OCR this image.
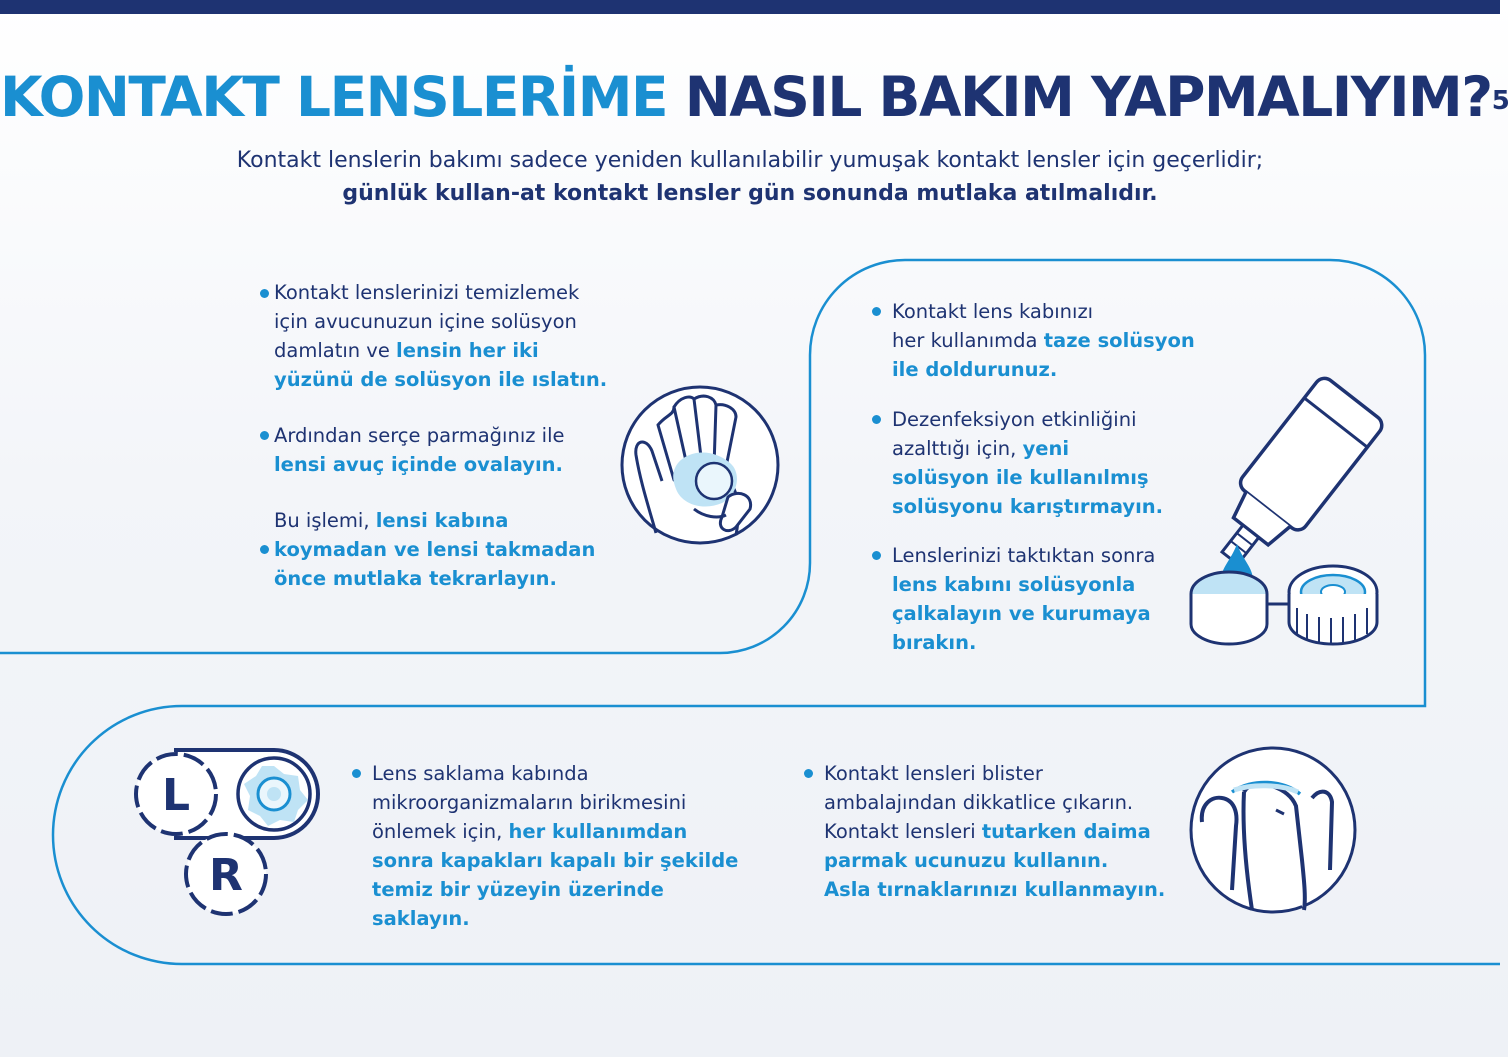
KONTAKT LENSLERİME NASIL BAKIM YAPMALIYIM?$^5$
Kontakt lenslerin bakımı sadece yeniden kullanılabilir yumuşak kontakt lensler için geçerlidir;
günlük kullan-at kontakt lensler gün sonunda mutlaka atılmalıdır.
Kontakt lenslerinizi temizlemek
için avucunuzun içine solüsyon
damlatın ve lensin her iki
yüzünü de solüsyon ile ıslatın.
Ardından serçe parmağınız ile
lensi avuç içinde ovalayın.
Bu işlemi, lensi kabına
koymadan ve lensi takmadan
önce mutlaka tekrarlayın.
Kontakt lens kabınızı
her kullanımda taze solüsyon
ile doldurunuz.
Dezenfeksiyon etkinliğini
azalttığı için, yeni
solüsyon ile kullanılmış
solüsyonu karıştırmayın.
Lenslerinizi taktıktan sonra
lens kabını solüsyonla
çalkalayın ve kurumaya
bırakın.
L
R
Lens saklama kabında
mikroorganizmaların birikmesini
önlemek için, her kullanımdan
sonra kapakları kapalı bir şekilde
temiz bir yüzeyin üzerinde
saklayın.
Kontakt lensleri blister
ambalajından dikkatlice çıkarın.
Kontakt lensleri tutarken daima
parmak ucunuzu kullanın.
Asla tırnaklarınızı kullanmayın.
